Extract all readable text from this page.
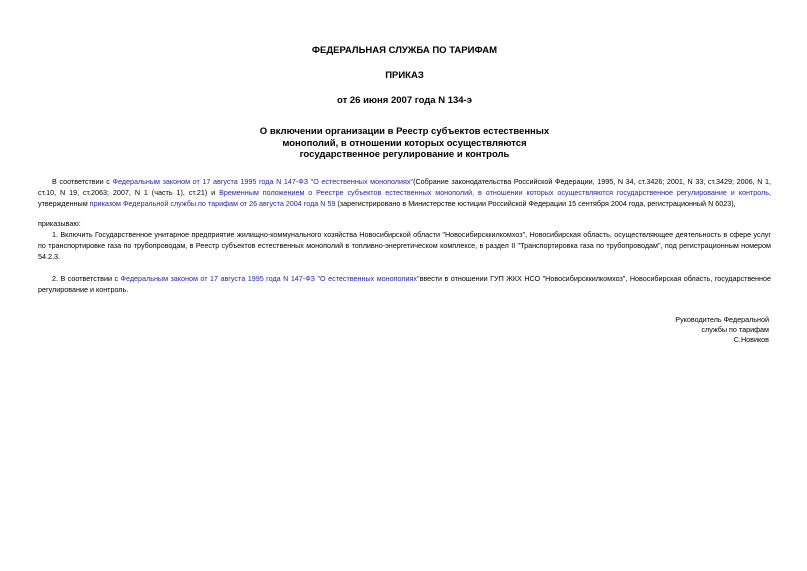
ФЕДЕРАЛЬНАЯ СЛУЖБА ПО ТАРИФАМ

ПРИКАЗ

от 26 июня 2007 года N 134-э

О включении организации в Реестр субъектов естественных
монополий, в отношении которых осуществляются
государственное регулирование и контроль

В соответствии с Федеральным законом от 17 августа 1995 года N 147-ФЗ "О естественных монополиях"(Собрание законодательства Российской Федерации, 1995, N 34, ст.3426; 2001, N 33, ст.3429; 2006, N 1, ст.10, N 19, ст.2063; 2007, N 1 (часть 1), ст.21) и Временным положением о Реестре субъектов естественных монополий, в отношении которых осуществляются государственное регулирование и контроль, утвержденным приказом Федеральной службы по тарифам от 26 августа 2004 года N 59 (зарегистрировано в Министерстве юстиции Российской Федерации 15 сентября 2004 года, регистрационный N 6023),

приказываю:

1. Включить Государственное унитарное предприятие жилищно-коммунального хозяйства Новосибирской области "Новосибирсккилкомхоз", Новосибирская область, осуществляющее деятельность в сфере услуг по транспортировке газа по трубопроводам, в Реестр субъектов естественных монополий в топливно-энергетическом комплексе, в раздел II "Транспортировка газа по трубопроводам", под регистрационным номером 54.2.3.

2. В соответствии с Федеральным законом от 17 августа 1995 года N 147-ФЗ "О естественных монополиях"ввести в отношении ГУП ЖКХ НСО "Новосибирсккилкомхоз", Новосибирская область, государственное регулирование и контроль.

Руководитель Федеральной
службы по тарифам
С.Новиков
